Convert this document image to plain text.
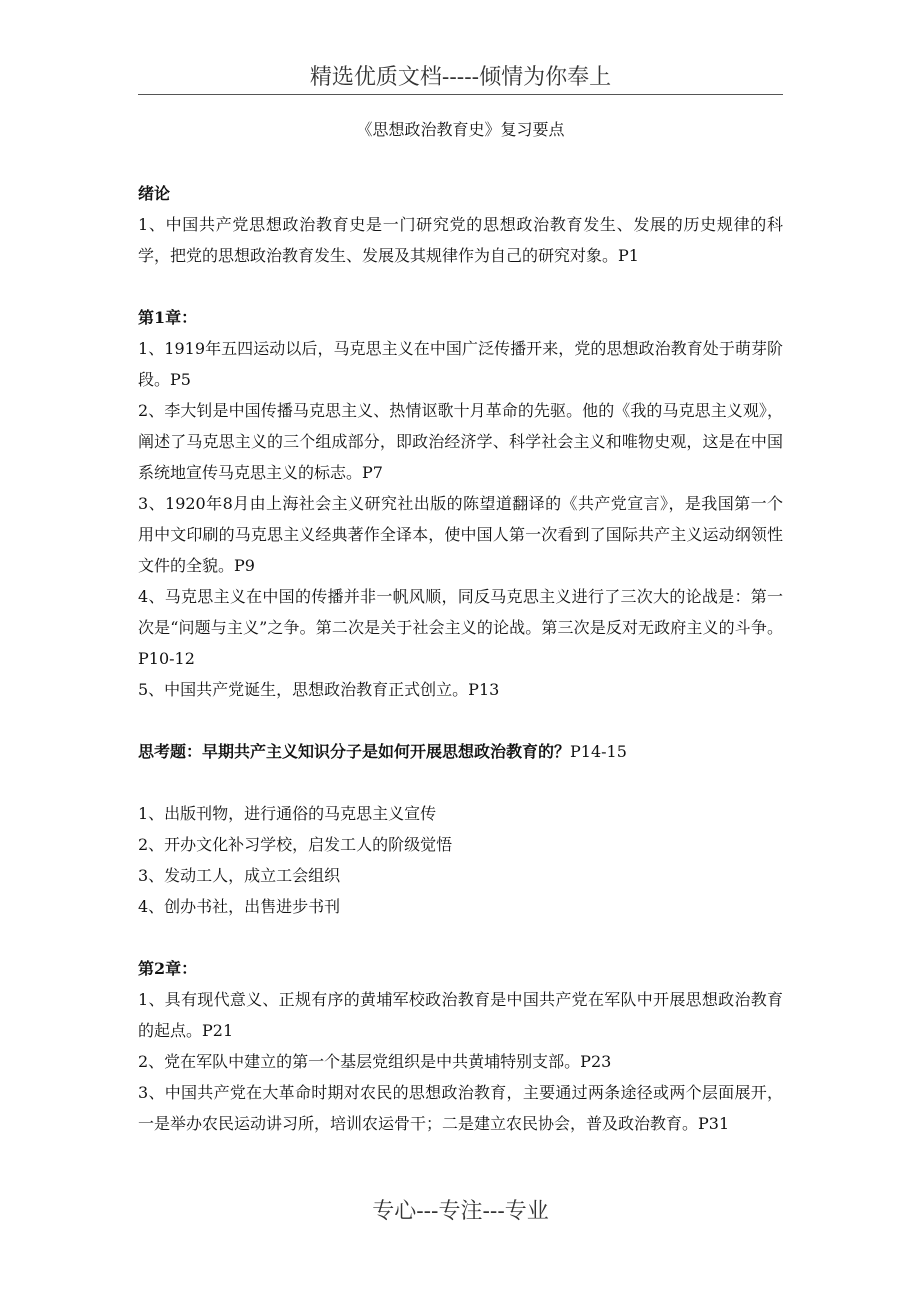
精选优质文档-----倾情为你奉上
《思想政治教育史》复习要点

绪论

1、中国共产党思想政治教育史是一门研究党的思想政治教育发生、发展的历史规律的科学，把党的思想政治教育发生、发展及其规律作为自己的研究对象。P1

第1章：

1、1919年五四运动以后，马克思主义在中国广泛传播开来，党的思想政治教育处于萌芽阶段。P5

2、李大钊是中国传播马克思主义、热情讴歌十月革命的先驱。他的《我的马克思主义观》，阐述了马克思主义的三个组成部分，即政治经济学、科学社会主义和唯物史观，这是在中国系统地宣传马克思主义的标志。P7

3、1920年8月由上海社会主义研究社出版的陈望道翻译的《共产党宣言》，是我国第一个用中文印刷的马克思主义经典著作全译本，使中国人第一次看到了国际共产主义运动纲领性文件的全貌。P9

4、马克思主义在中国的传播并非一帆风顺，同反马克思主义进行了三次大的论战是：第一次是“问题与主义”之争。第二次是关于社会主义的论战。第三次是反对无政府主义的斗争。P10-12

5、中国共产党诞生，思想政治教育正式创立。P13

思考题：早期共产主义知识分子是如何开展思想政治教育的？P14-15

1、出版刊物，进行通俗的马克思主义宣传

2、开办文化补习学校，启发工人的阶级觉悟

3、发动工人，成立工会组织

4、创办书社，出售进步书刊

第2章：

1、具有现代意义、正规有序的黄埔军校政治教育是中国共产党在军队中开展思想政治教育的起点。P21

2、党在军队中建立的第一个基层党组织是中共黄埔特别支部。P23

3、中国共产党在大革命时期对农民的思想政治教育，主要通过两条途径或两个层面展开，一是举办农民运动讲习所，培训农运骨干；二是建立农民协会，普及政治教育。P31

专心---专注---专业
